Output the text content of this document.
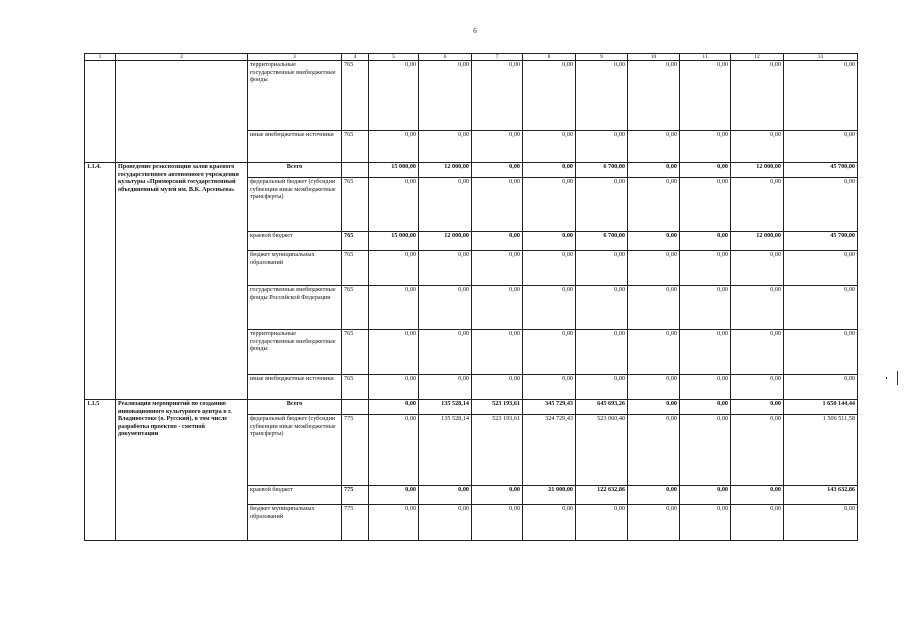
6
1	2	3	4	5	6	7	8	9	10	11	12	13
		территориальные государственные внебюджетные фонды	765	0,00	0,00	0,00	0,00	0,00	0,00	0,00	0,00	0,00
		иные внебюджетные источники	765	0,00	0,00	0,00	0,00	0,00	0,00	0,00	0,00	0,00
1.1.4.	Проведение реэкспозиции залов краевого государственного автономного учреждения культуры «Приморский государственный объединенный музей им. В.К. Арсеньева»	Всего		15 000,00	12 000,00	0,00	0,00	6 700,00	0,00	0,00	12 000,00	45 700,00
		федеральный бюджет (субсидии субвенции иные межбюджетные трансферты)	765	0,00	0,00	0,00	0,00	0,00	0,00	0,00	0,00	0,00
		краевой бюджет	765	15 000,00	12 000,00	0,00	0,00	6 700,00	0,00	0,00	12 000,00	45 700,00
		бюджет муниципальных образований	765	0,00	0,00	0,00	0,00	0,00	0,00	0,00	0,00	0,00
		государственные внебюджетные фонды Российской Федерации	765	0,00	0,00	0,00	0,00	0,00	0,00	0,00	0,00	0,00
		территориальные государственные внебюджетные фонды	765	0,00	0,00	0,00	0,00	0,00	0,00	0,00	0,00	0,00
		иные внебюджетные источники	765	0,00	0,00	0,00	0,00	0,00	0,00	0,00	0,00	0,00
1.1.5	Реализация мероприятий по созданию инновационного культурного центра в г. Владивостоке (о. Русский), в том числе разработка проектно - сметной документации	Всего		0,00	135 528,14	523 193,61	345 729,43	645 693,26	0,00	0,00	0,00	1 650 144,44
		федеральный бюджет (субсидии субвенции иные межбюджетные трансферты)	775	0,00	135 528,14	523 193,61	324 729,43	523 060,40	0,00	0,00	0,00	1 506 511,58
		краевой бюджет	775	0,00	0,00	0,00	21 000,00	122 632,86	0,00	0,00	0,00	143 632,86
		бюджет муниципальных образований	775	0,00	0,00	0,00	0,00	0,00	0,00	0,00	0,00	0,00
